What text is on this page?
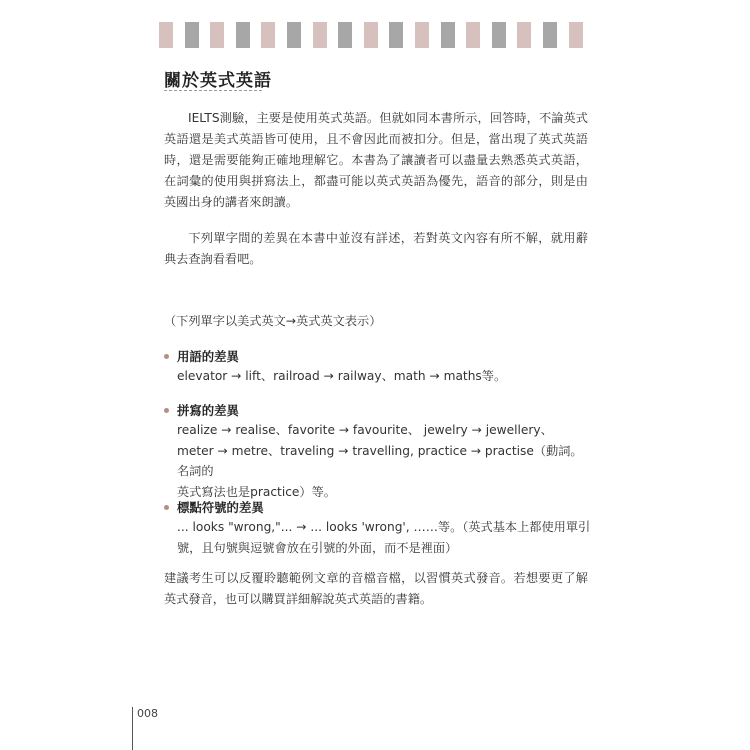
關於英式英語

IELTS測驗，主要是使用英式英語。但就如同本書所示，回答時，不論英式英語還是美式英語皆可使用，且不會因此而被扣分。但是，當出現了英式英語時，還是需要能夠正確地理解它。本書為了讓讀者可以盡量去熟悉英式英語，在詞彙的使用與拼寫法上，都盡可能以英式英語為優先，語音的部分，則是由英國出身的講者來朗讀。

下列單字間的差異在本書中並沒有詳述，若對英文內容有所不解，就用辭典去查詢看看吧。

（下列單字以美式英文→英式英文表示）
用語的差異
elevator → lift、railroad → railway、math → maths等。
拼寫的差異
realize → realise、favorite → favourite、 jewelry → jewellery、
meter → metre、traveling → travelling, practice → practise（動詞。名詞的
英式寫法也是practice）等。
標點符號的差異
... looks "wrong,"... → ... looks 'wrong', ……等。（英式基本上都使用單引
號，且句號與逗號會放在引號的外面，而不是裡面）

建議考生可以反覆聆聽範例文章的音檔音檔，以習慣英式發音。若想要更了解英式發音，也可以購買詳細解說英式英語的書籍。

008
